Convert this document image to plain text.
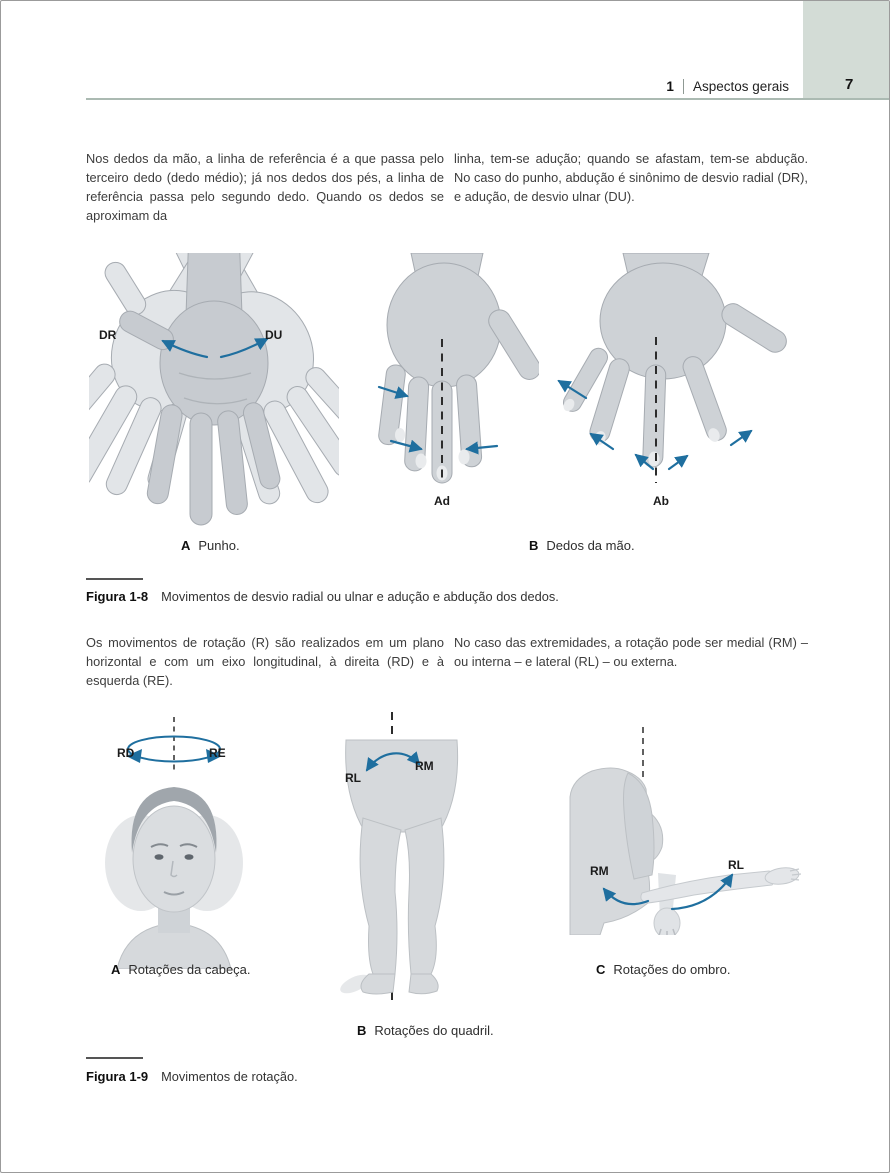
1 Aspectos gerais	7

Nos dedos da mão, a linha de referência é a que passa pelo terceiro dedo (dedo médio); já nos dedos dos pés, a linha de referência passa pelo segundo dedo. Quando os dedos se aproximam da

linha, tem-se adução; quando se afastam, tem-se abdução. No caso do punho, abdução é sinônimo de desvio radial (DR), e adução, de desvio ulnar (DU).

DR	DU
Ad	Ab
A Punho.	B Dedos da mão.
Figura 1-8 Movimentos de desvio radial ou ulnar e adução e abdução dos dedos.

Os movimentos de rotação (R) são realizados em um plano horizontal e com um eixo longitudinal, à direita (RD) e à esquerda (RE).

No caso das extremidades, a rotação pode ser medial (RM) – ou interna – e lateral (RL) – ou externa.

RD	RE
RL
RM
RM	RL
A Rotações da cabeça.	C Rotações do ombro.
B Rotações do quadril.
Figura 1-9 Movimentos de rotação.
